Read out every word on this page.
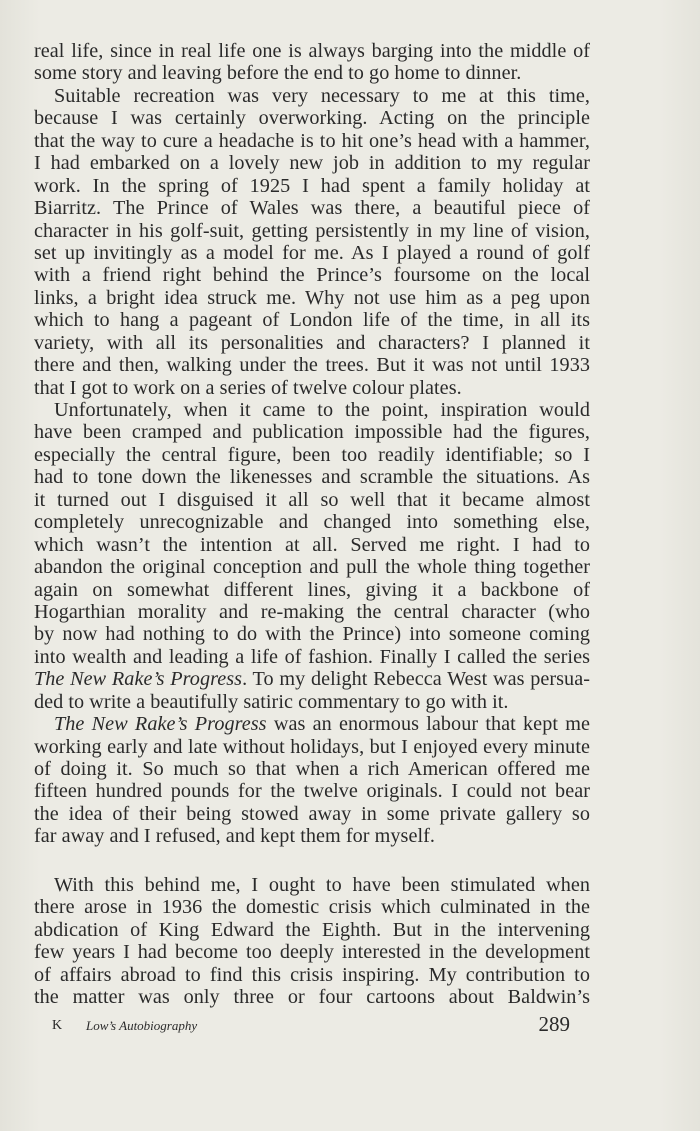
real life, since in real life one is always barging into the middle of
some story and leaving before the end to go home to dinner.
Suitable recreation was very necessary to me at this time,
because I was certainly overworking. Acting on the principle
that the way to cure a headache is to hit one’s head with a hammer,
I had embarked on a lovely new job in addition to my regular
work. In the spring of 1925 I had spent a family holiday at
Biarritz. The Prince of Wales was there, a beautiful piece of
character in his golf-suit, getting persistently in my line of vision,
set up invitingly as a model for me. As I played a round of golf
with a friend right behind the Prince’s foursome on the local
links, a bright idea struck me. Why not use him as a peg upon
which to hang a pageant of London life of the time, in all its
variety, with all its personalities and characters? I planned it
there and then, walking under the trees. But it was not until 1933
that I got to work on a series of twelve colour plates.
Unfortunately, when it came to the point, inspiration would
have been cramped and publication impossible had the figures,
especially the central figure, been too readily identifiable; so I
had to tone down the likenesses and scramble the situations. As
it turned out I disguised it all so well that it became almost
completely unrecognizable and changed into something else,
which wasn’t the intention at all. Served me right. I had to
abandon the original conception and pull the whole thing together
again on somewhat different lines, giving it a backbone of
Hogarthian morality and re-making the central character (who
by now had nothing to do with the Prince) into someone coming
into wealth and leading a life of fashion. Finally I called the series
The New Rake’s Progress. To my delight Rebecca West was persua-
ded to write a beautifully satiric commentary to go with it.
The New Rake’s Progress was an enormous labour that kept me
working early and late without holidays, but I enjoyed every minute
of doing it. So much so that when a rich American offered me
fifteen hundred pounds for the twelve originals. I could not bear
the idea of their being stowed away in some private gallery so
far away and I refused, and kept them for myself.
With this behind me, I ought to have been stimulated when
there arose in 1936 the domestic crisis which culminated in the
abdication of King Edward the Eighth. But in the intervening
few years I had become too deeply interested in the development
of affairs abroad to find this crisis inspiring. My contribution to
the matter was only three or four cartoons about Baldwin’s
K Low’s Autobiography	289
